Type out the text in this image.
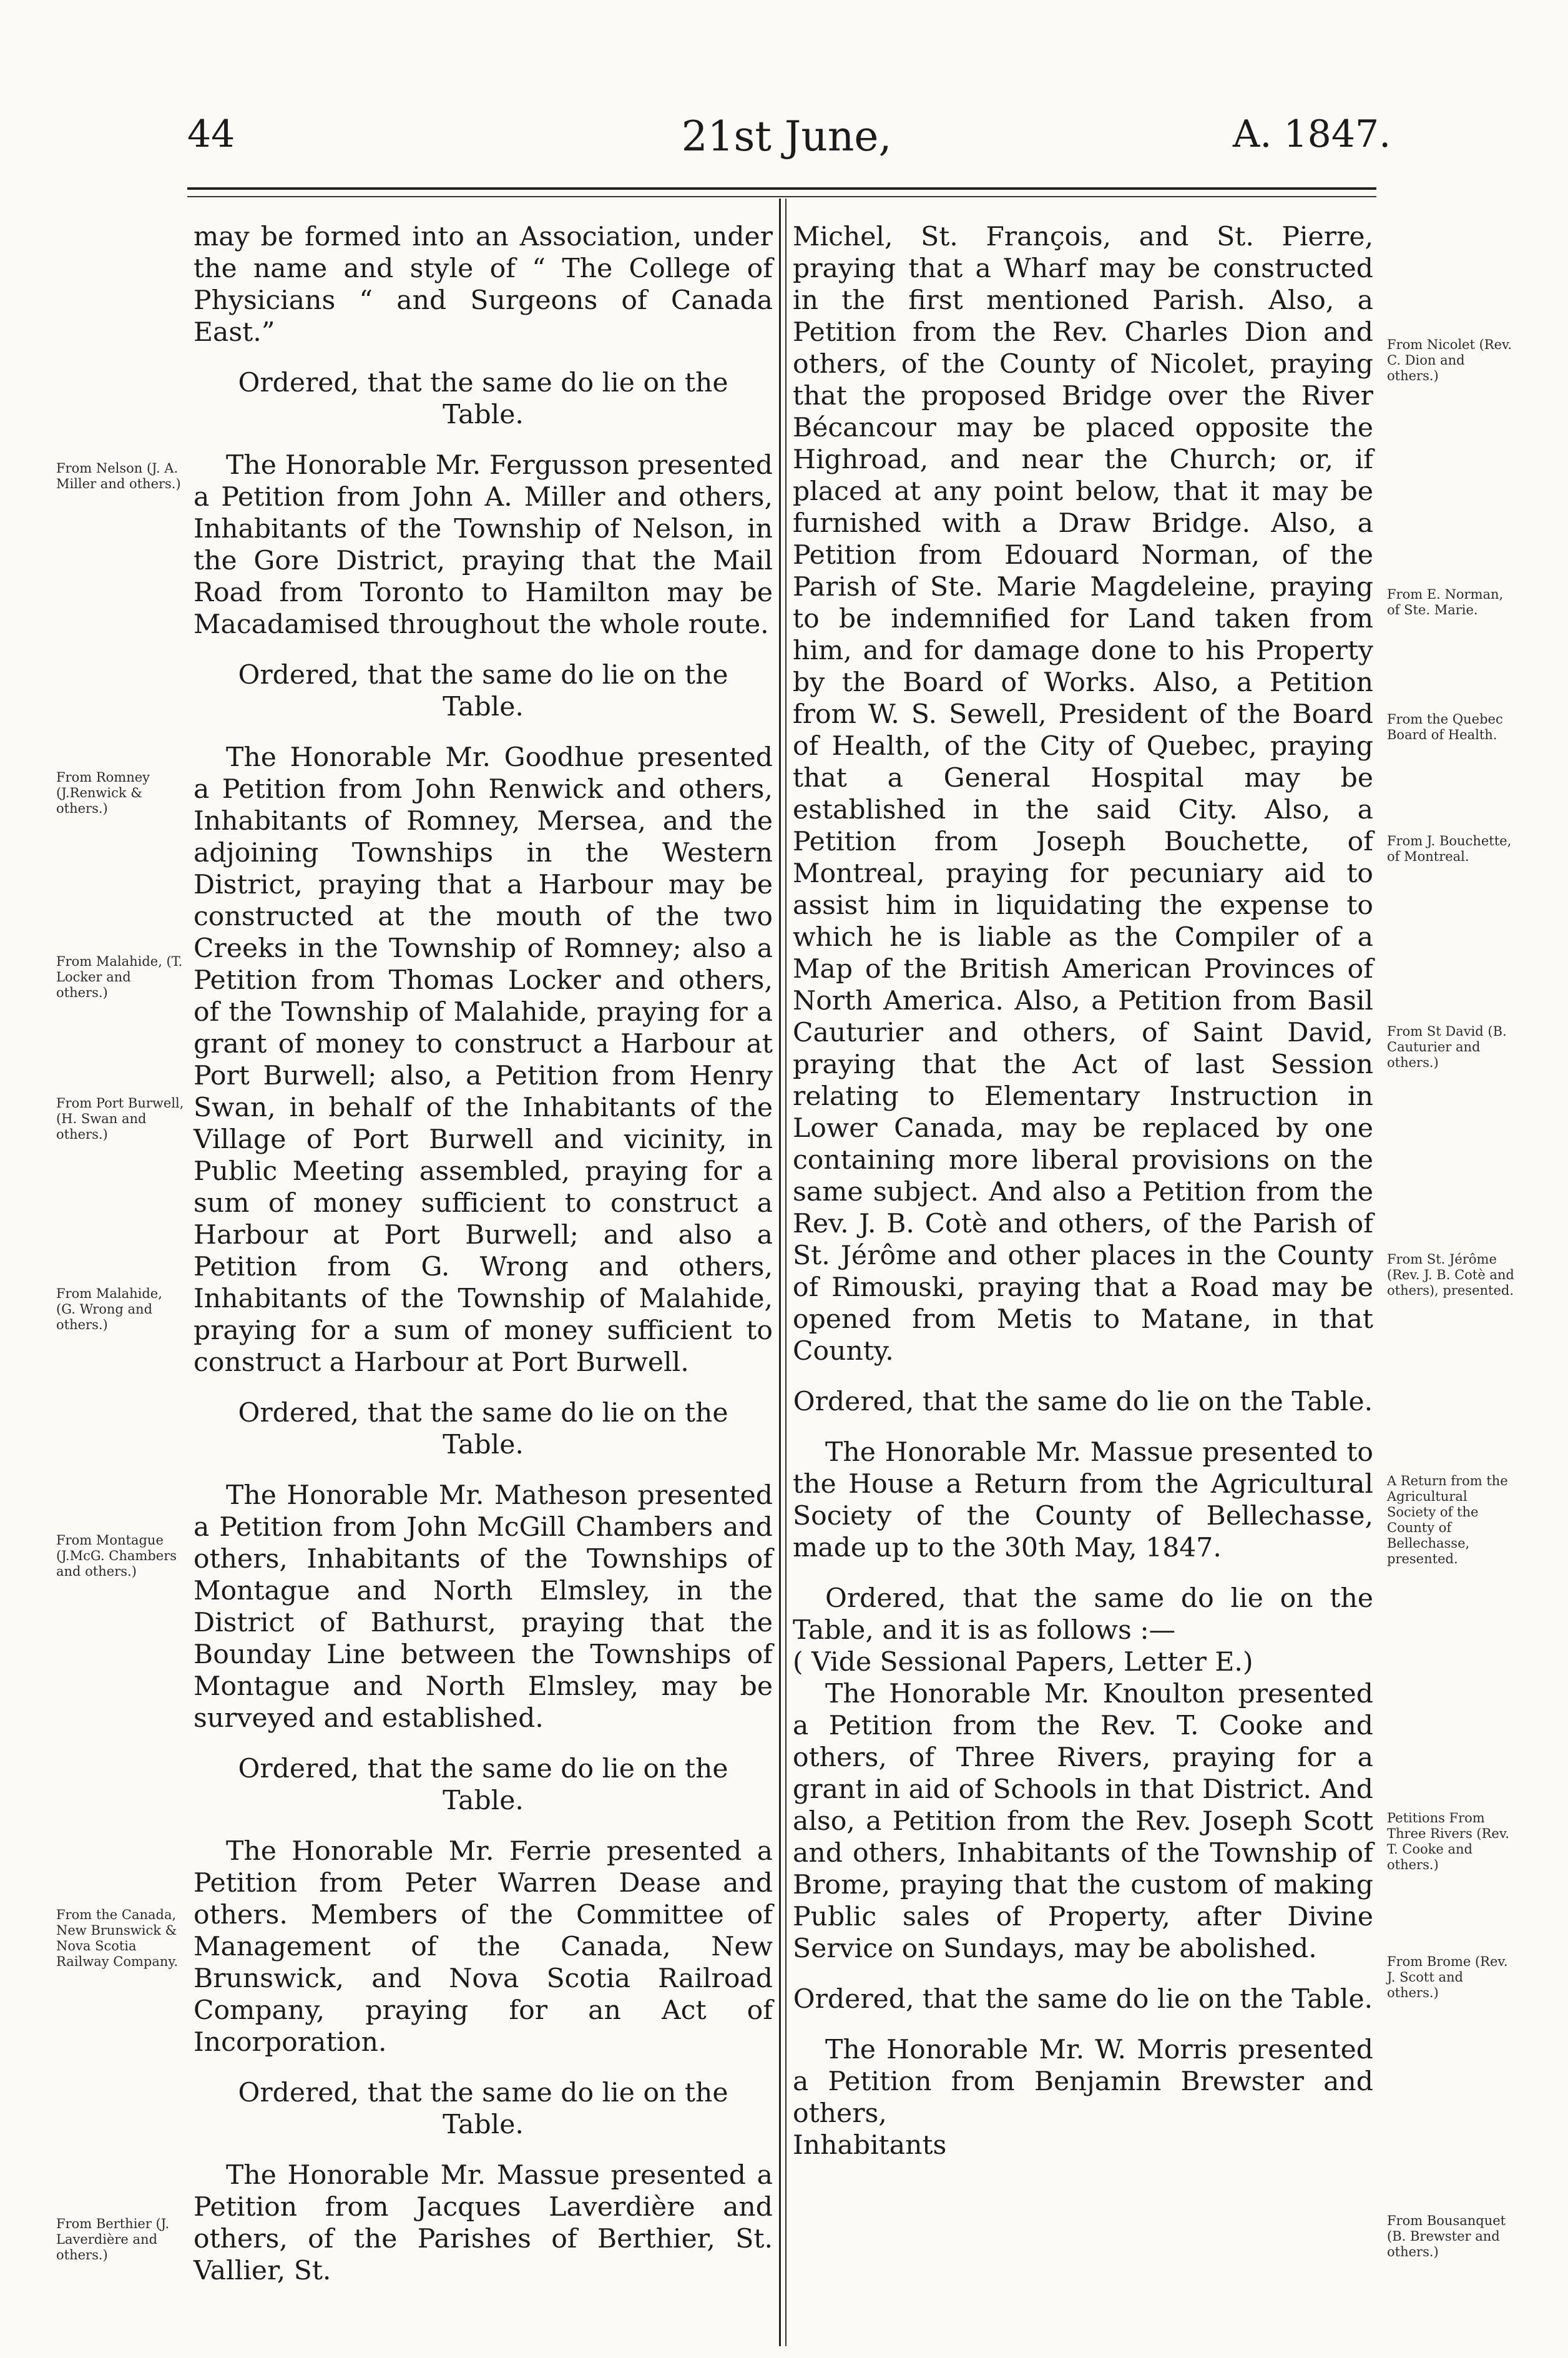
44	21st June,	A. 1847.

may be formed into an Association, under the name and style of “ The College of Physicians “ and Surgeons of Canada East.”

Ordered, that the same do lie on the Table.

The Honorable Mr. Fergusson presented a Petition from John A. Miller and others, Inhabitants of the Township of Nelson, in the Gore District, praying that the Mail Road from Toronto to Hamilton may be Macadamised throughout the whole route.

Ordered, that the same do lie on the Table.

The Honorable Mr. Goodhue presented a Petition from John Renwick and others, Inhabitants of Romney, Mersea, and the adjoining Townships in the Western District, praying that a Harbour may be constructed at the mouth of the two Creeks in the Township of Romney; also a Petition from Thomas Locker and others, of the Township of Malahide, praying for a grant of money to construct a Harbour at Port Burwell; also, a Petition from Henry Swan, in behalf of the Inhabitants of the Village of Port Burwell and vicinity, in Public Meeting assembled, praying for a sum of money sufficient to construct a Harbour at Port Burwell; and also a Petition from G. Wrong and others, Inhabitants of the Township of Malahide, praying for a sum of money sufficient to construct a Harbour at Port Burwell.

Ordered, that the same do lie on the Table.

The Honorable Mr. Matheson presented a Petition from John McGill Chambers and others, Inhabitants of the Townships of Montague and North Elmsley, in the District of Bathurst, praying that the Bounday Line between the Townships of Montague and North Elmsley, may be surveyed and established.

Ordered, that the same do lie on the Table.

The Honorable Mr. Ferrie presented a Petition from Peter Warren Dease and others. Members of the Committee of Management of the Canada, New Brunswick, and Nova Scotia Railroad Company, praying for an Act of Incorporation.

Ordered, that the same do lie on the Table.

The Honorable Mr. Massue presented a Petition from Jacques Laverdière and others, of the Parishes of Berthier, St. Vallier, St.

Michel, St. François, and St. Pierre, praying that a Wharf may be constructed in the first mentioned Parish. Also, a Petition from the Rev. Charles Dion and others, of the County of Nicolet, praying that the proposed Bridge over the River Bécancour may be placed opposite the Highroad, and near the Church; or, if placed at any point below, that it may be furnished with a Draw Bridge. Also, a Petition from Edouard Norman, of the Parish of Ste. Marie Magdeleine, praying to be indemnified for Land taken from him, and for damage done to his Property by the Board of Works. Also, a Petition from W. S. Sewell, President of the Board of Health, of the City of Quebec, praying that a General Hospital may be established in the said City. Also, a Petition from Joseph Bouchette, of Montreal, praying for pecuniary aid to assist him in liquidating the expense to which he is liable as the Compiler of a Map of the British American Provinces of North America. Also, a Petition from Basil Cauturier and others, of Saint David, praying that the Act of last Session relating to Elementary Instruction in Lower Canada, may be replaced by one containing more liberal provisions on the same subject. And also a Petition from the Rev. J. B. Cotè and others, of the Parish of St. Jérôme and other places in the County of Rimouski, praying that a Road may be opened from Metis to Matane, in that County.

Ordered, that the same do lie on the Table.

The Honorable Mr. Massue presented to the House a Return from the Agricultural Society of the County of Bellechasse, made up to the 30th May, 1847.

Ordered, that the same do lie on the Table, and it is as follows :—

( Vide Sessional Papers, Letter E.)

The Honorable Mr. Knoulton presented a Petition from the Rev. T. Cooke and others, of Three Rivers, praying for a grant in aid of Schools in that District. And also, a Petition from the Rev. Joseph Scott and others, Inhabitants of the Township of Brome, praying that the custom of making Public sales of Property, after Divine Service on Sundays, may be abolished.

Ordered, that the same do lie on the Table.

The Honorable Mr. W. Morris presented a Petition from Benjamin Brewster and others,

Inhabitants

From Nelson (J. A. Miller and others.)
From Romney (J.Renwick & others.)
From Malahide, (T. Locker and others.)
From Port Burwell, (H. Swan and others.)
From Malahide, (G. Wrong and others.)
From Montague (J.McG. Chambers and others.)
From the Canada, New Brunswick & Nova Scotia Railway Company.
From Berthier (J. Laverdière and others.)
From Nicolet (Rev. C. Dion and others.)
From E. Norman, of Ste. Marie.
From the Quebec Board of Health.
From J. Bouchette, of Montreal.
From St David (B. Cauturier and others.)
From St. Jérôme (Rev. J. B. Cotè and others), presented.
A Return from the Agricultural Society of the County of Bellechasse, presented.
Petitions From Three Rivers (Rev. T. Cooke and others.)
From Brome (Rev. J. Scott and others.)
From Bousanquet (B. Brewster and others.)
